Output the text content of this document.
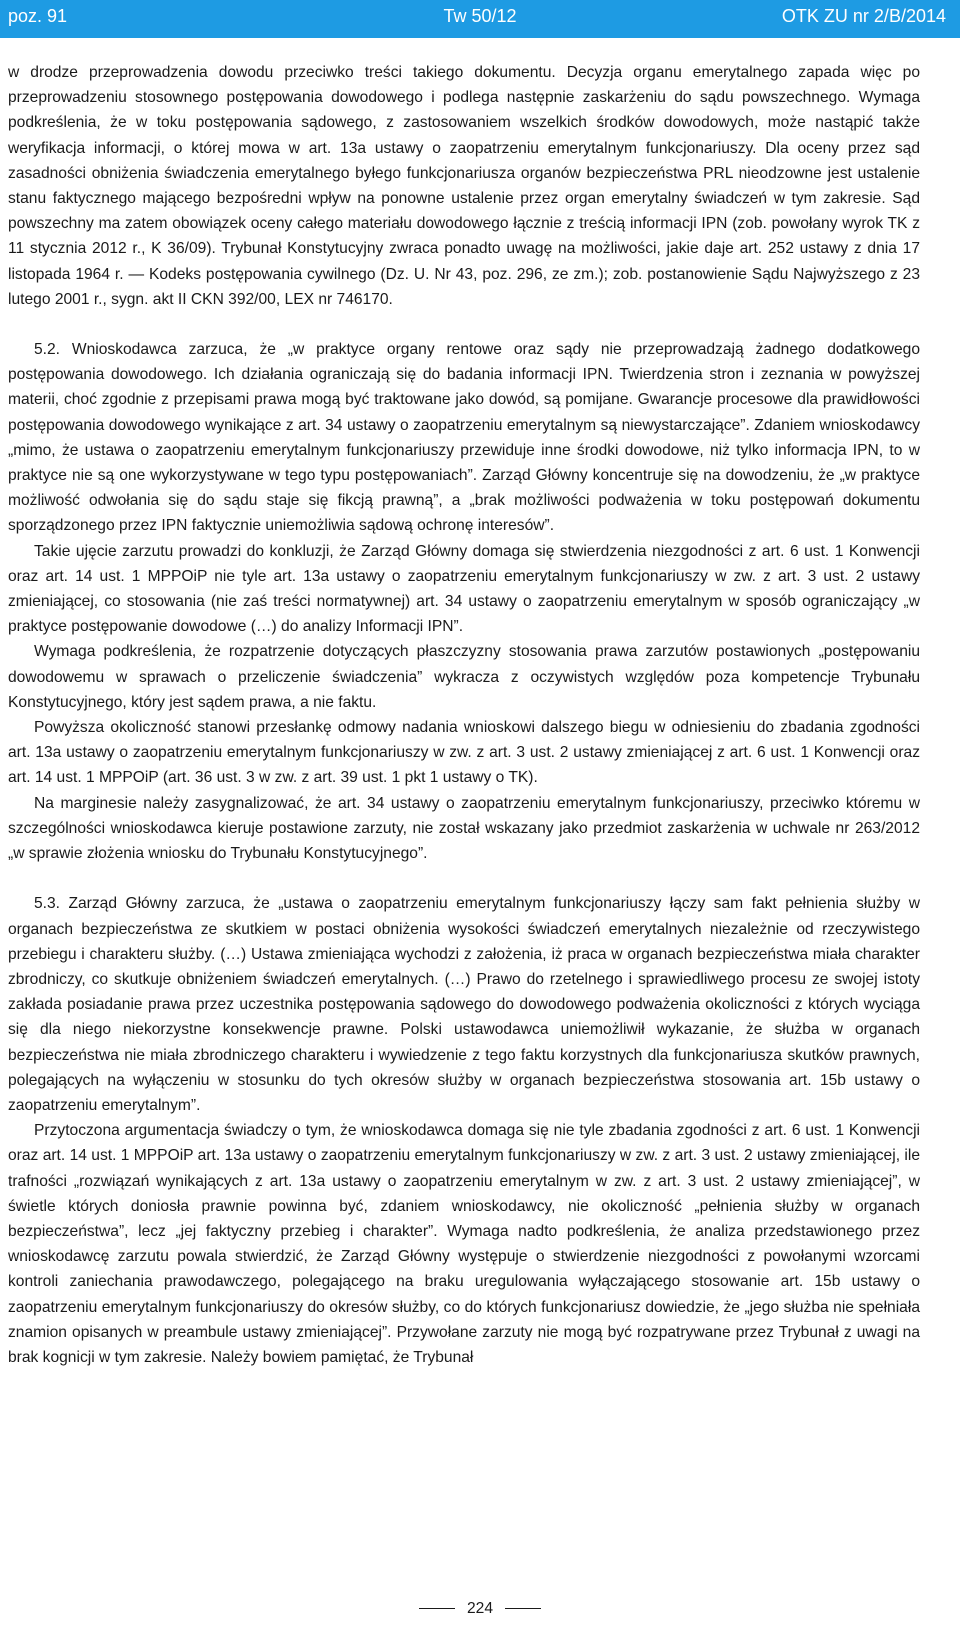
poz. 91	Tw 50/12	OTK ZU nr 2/B/2014

w drodze przeprowadzenia dowodu przeciwko treści takiego dokumentu. Decyzja organu emerytalnego zapada więc po przeprowadzeniu stosownego postępowania dowodowego i podlega następnie zaskarżeniu do sądu powszechnego. Wymaga podkreślenia, że w toku postępowania sądowego, z zastosowaniem wszelkich środków dowodowych, może nastąpić także weryfikacja informacji, o której mowa w art. 13a ustawy o zaopatrzeniu emerytalnym funkcjonariuszy. Dla oceny przez sąd zasadności obniżenia świadczenia emerytalnego byłego funkcjonariusza organów bezpieczeństwa PRL nieodzowne jest ustalenie stanu faktycznego mającego bezpośredni wpływ na ponowne ustalenie przez organ emerytalny świadczeń w tym zakresie. Sąd powszechny ma zatem obowiązek oceny całego materiału dowodowego łącznie z treścią informacji IPN (zob. powołany wyrok TK z 11 stycznia 2012 r., K 36/09). Trybunał Konstytucyjny zwraca ponadto uwagę na możliwości, jakie daje art. 252 ustawy z dnia 17 listopada 1964 r. — Kodeks postępowania cywilnego (Dz. U. Nr 43, poz. 296, ze zm.); zob. postanowienie Sądu Najwyższego z 23 lutego 2001 r., sygn. akt II CKN 392/00, LEX nr 746170.

5.2. Wnioskodawca zarzuca, że „w praktyce organy rentowe oraz sądy nie przeprowadzają żadnego dodatkowego postępowania dowodowego. Ich działania ograniczają się do badania informacji IPN. Twierdzenia stron i zeznania w powyższej materii, choć zgodnie z przepisami prawa mogą być traktowane jako dowód, są pomijane. Gwarancje procesowe dla prawidłowości postępowania dowodowego wynikające z art. 34 ustawy o zaopatrzeniu emerytalnym są niewystarczające”. Zdaniem wnioskodawcy „mimo, że ustawa o zaopatrzeniu emerytalnym funkcjonariuszy przewiduje inne środki dowodowe, niż tylko informacja IPN, to w praktyce nie są one wykorzystywane w tego typu postępowaniach”. Zarząd Główny koncentruje się na dowodzeniu, że „w praktyce możliwość odwołania się do sądu staje się fikcją prawną”, a „brak możliwości podważenia w toku postępowań dokumentu sporządzonego przez IPN faktycznie uniemożliwia sądową ochronę interesów”.

Takie ujęcie zarzutu prowadzi do konkluzji, że Zarząd Główny domaga się stwierdzenia niezgodności z art. 6 ust. 1 Konwencji oraz art. 14 ust. 1 MPPOiP nie tyle art. 13a ustawy o zaopatrzeniu emerytalnym funkcjonariuszy w zw. z art. 3 ust. 2 ustawy zmieniającej, co stosowania (nie zaś treści normatywnej) art. 34 ustawy o zaopatrzeniu emerytalnym w sposób ograniczający „w praktyce postępowanie dowodowe (…) do analizy Informacji IPN”.

Wymaga podkreślenia, że rozpatrzenie dotyczących płaszczyzny stosowania prawa zarzutów postawionych „postępowaniu dowodowemu w sprawach o przeliczenie świadczenia” wykracza z oczywistych względów poza kompetencje Trybunału Konstytucyjnego, który jest sądem prawa, a nie faktu.

Powyższa okoliczność stanowi przesłankę odmowy nadania wnioskowi dalszego biegu w odniesieniu do zbadania zgodności art. 13a ustawy o zaopatrzeniu emerytalnym funkcjonariuszy w zw. z art. 3 ust. 2 ustawy zmieniającej z art. 6 ust. 1 Konwencji oraz art. 14 ust. 1 MPPOiP (art. 36 ust. 3 w zw. z art. 39 ust. 1 pkt 1 ustawy o TK).

Na marginesie należy zasygnalizować, że art. 34 ustawy o zaopatrzeniu emerytalnym funkcjonariuszy, przeciwko któremu w szczególności wnioskodawca kieruje postawione zarzuty, nie został wskazany jako przedmiot zaskarżenia w uchwale nr 263/2012 „w sprawie złożenia wniosku do Trybunału Konstytucyjnego”.

5.3. Zarząd Główny zarzuca, że „ustawa o zaopatrzeniu emerytalnym funkcjonariuszy łączy sam fakt pełnienia służby w organach bezpieczeństwa ze skutkiem w postaci obniżenia wysokości świadczeń emerytalnych niezależnie od rzeczywistego przebiegu i charakteru służby. (…) Ustawa zmieniająca wychodzi z założenia, iż praca w organach bezpieczeństwa miała charakter zbrodniczy, co skutkuje obniżeniem świadczeń emerytalnych. (…) Prawo do rzetelnego i sprawiedliwego procesu ze swojej istoty zakłada posiadanie prawa przez uczestnika postępowania sądowego do dowodowego podważenia okoliczności z których wyciąga się dla niego niekorzystne konsekwencje prawne. Polski ustawodawca uniemożliwił wykazanie, że służba w organach bezpieczeństwa nie miała zbrodniczego charakteru i wywiedzenie z tego faktu korzystnych dla funkcjonariusza skutków prawnych, polegających na wyłączeniu w stosunku do tych okresów służby w organach bezpieczeństwa stosowania art. 15b ustawy o zaopatrzeniu emerytalnym”.

Przytoczona argumentacja świadczy o tym, że wnioskodawca domaga się nie tyle zbadania zgodności z art. 6 ust. 1 Konwencji oraz art. 14 ust. 1 MPPOiP art. 13a ustawy o zaopatrzeniu emerytalnym funkcjonariuszy w zw. z art. 3 ust. 2 ustawy zmieniającej, ile trafności „rozwiązań wynikających z art. 13a ustawy o zaopatrzeniu emerytalnym w zw. z art. 3 ust. 2 ustawy zmieniającej”, w świetle których doniosła prawnie powinna być, zdaniem wnioskodawcy, nie okoliczność „pełnienia służby w organach bezpieczeństwa”, lecz „jej faktyczny przebieg i charakter”. Wymaga nadto podkreślenia, że analiza przedstawionego przez wnioskodawcę zarzutu powala stwierdzić, że Zarząd Główny występuje o stwierdzenie niezgodności z powołanymi wzorcami kontroli zaniechania prawodawczego, polegającego na braku uregulowania wyłączającego stosowanie art. 15b ustawy o zaopatrzeniu emerytalnym funkcjonariuszy do okresów służby, co do których funkcjonariusz dowiedzie, że „jego służba nie spełniała znamion opisanych w preambule ustawy zmieniającej”. Przywołane zarzuty nie mogą być rozpatrywane przez Trybunał z uwagi na brak kognicji w tym zakresie. Należy bowiem pamiętać, że Trybunał

224
